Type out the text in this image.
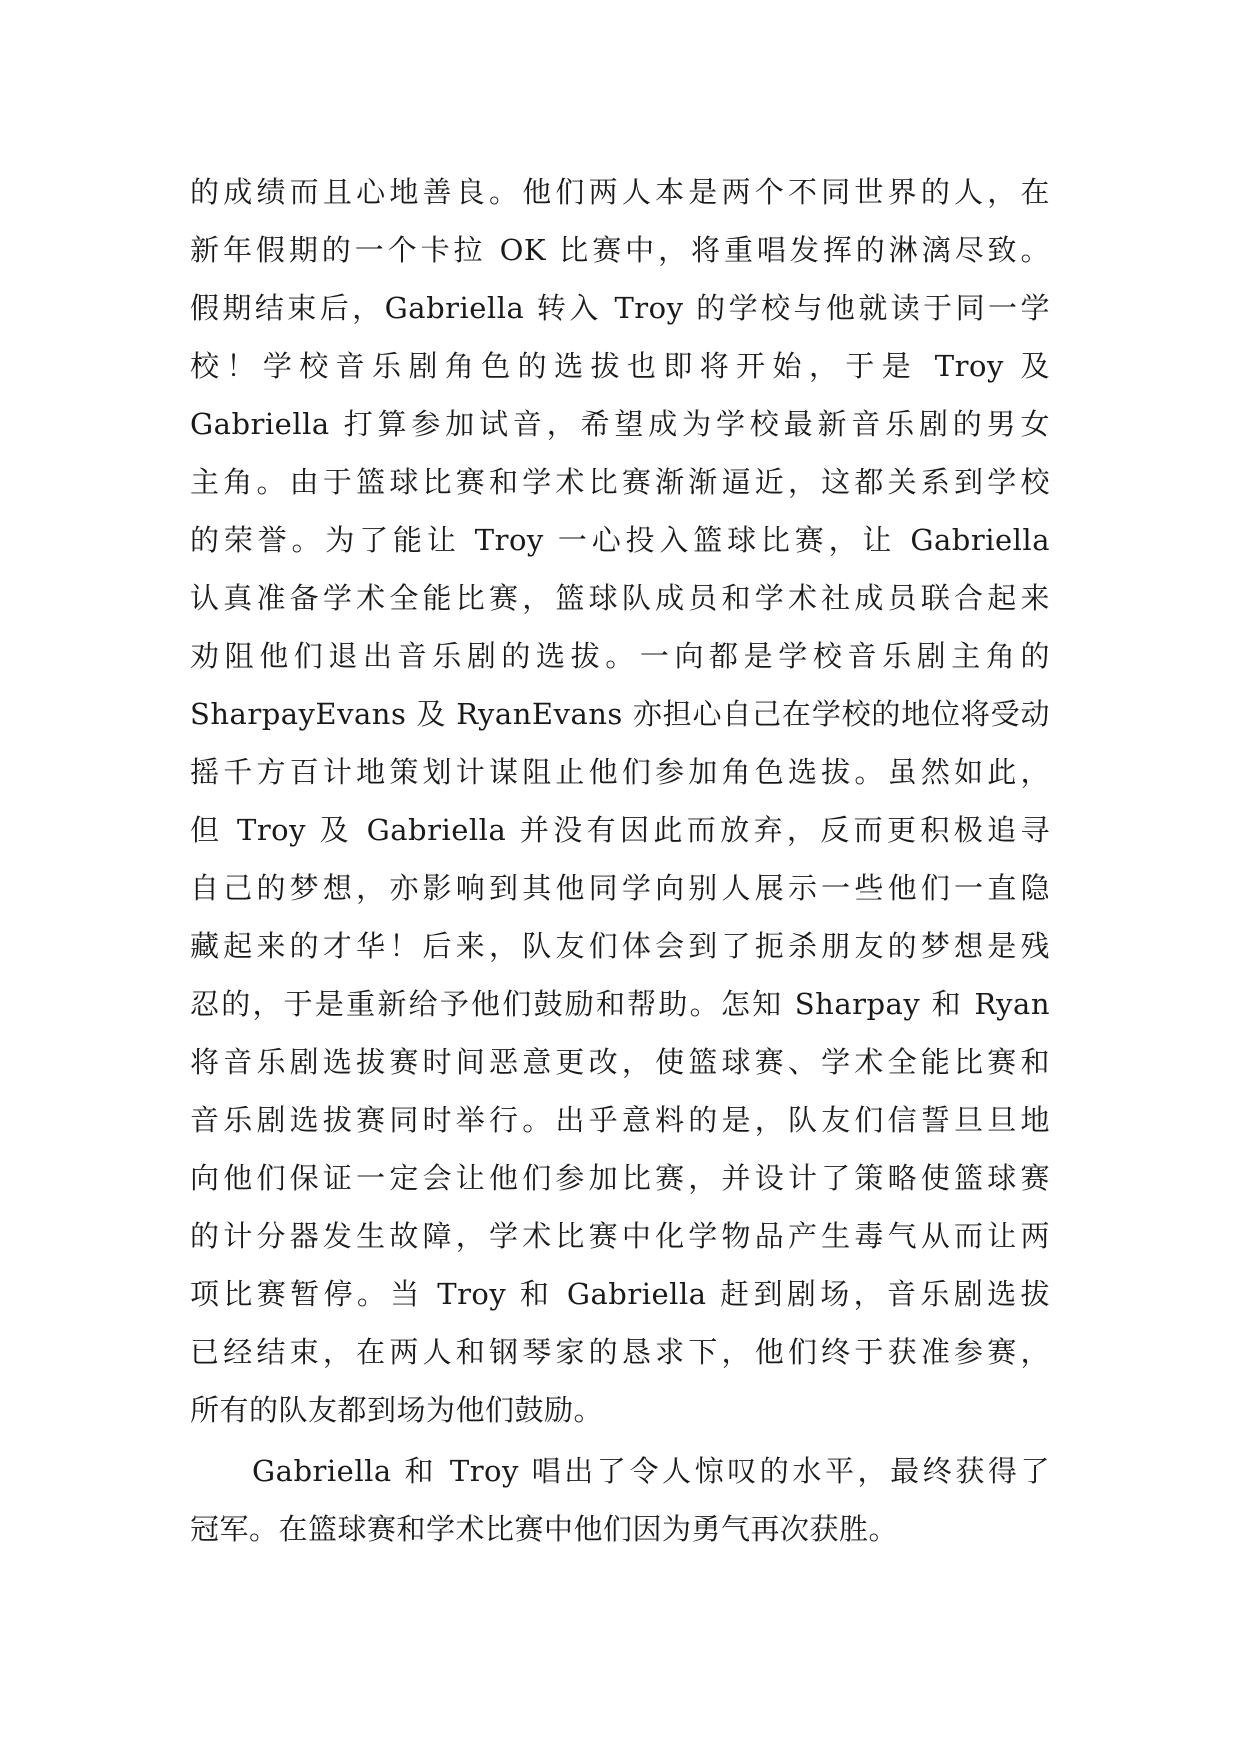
的成绩而且心地善良。他们两人本是两个不同世界的人，在
新年假期的一个卡拉 OK 比赛中，将重唱发挥的淋漓尽致。
假期结束后，Gabriella 转入 Troy 的学校与他就读于同一学
校！学校音乐剧角色的选拔也即将开始，于是 Troy 及
Gabriella 打算参加试音，希望成为学校最新音乐剧的男女
主角。由于篮球比赛和学术比赛渐渐逼近，这都关系到学校
的荣誉。为了能让 Troy 一心投入篮球比赛，让 Gabriella
认真准备学术全能比赛，篮球队成员和学术社成员联合起来
劝阻他们退出音乐剧的选拔。一向都是学校音乐剧主角的
SharpayEvans 及 RyanEvans 亦担心自己在学校的地位将受动
摇千方百计地策划计谋阻止他们参加角色选拔。虽然如此，
但 Troy 及 Gabriella 并没有因此而放弃，反而更积极追寻
自己的梦想，亦影响到其他同学向别人展示一些他们一直隐
藏起来的才华！后来，队友们体会到了扼杀朋友的梦想是残
忍的，于是重新给予他们鼓励和帮助。怎知 Sharpay 和 Ryan
将音乐剧选拔赛时间恶意更改，使篮球赛、学术全能比赛和
音乐剧选拔赛同时举行。出乎意料的是，队友们信誓旦旦地
向他们保证一定会让他们参加比赛，并设计了策略使篮球赛
的计分器发生故障，学术比赛中化学物品产生毒气从而让两
项比赛暂停。当 Troy 和 Gabriella 赶到剧场，音乐剧选拔
已经结束，在两人和钢琴家的恳求下，他们终于获准参赛，
所有的队友都到场为他们鼓励。
Gabriella 和 Troy 唱出了令人惊叹的水平，最终获得了
冠军。在篮球赛和学术比赛中他们因为勇气再次获胜。
